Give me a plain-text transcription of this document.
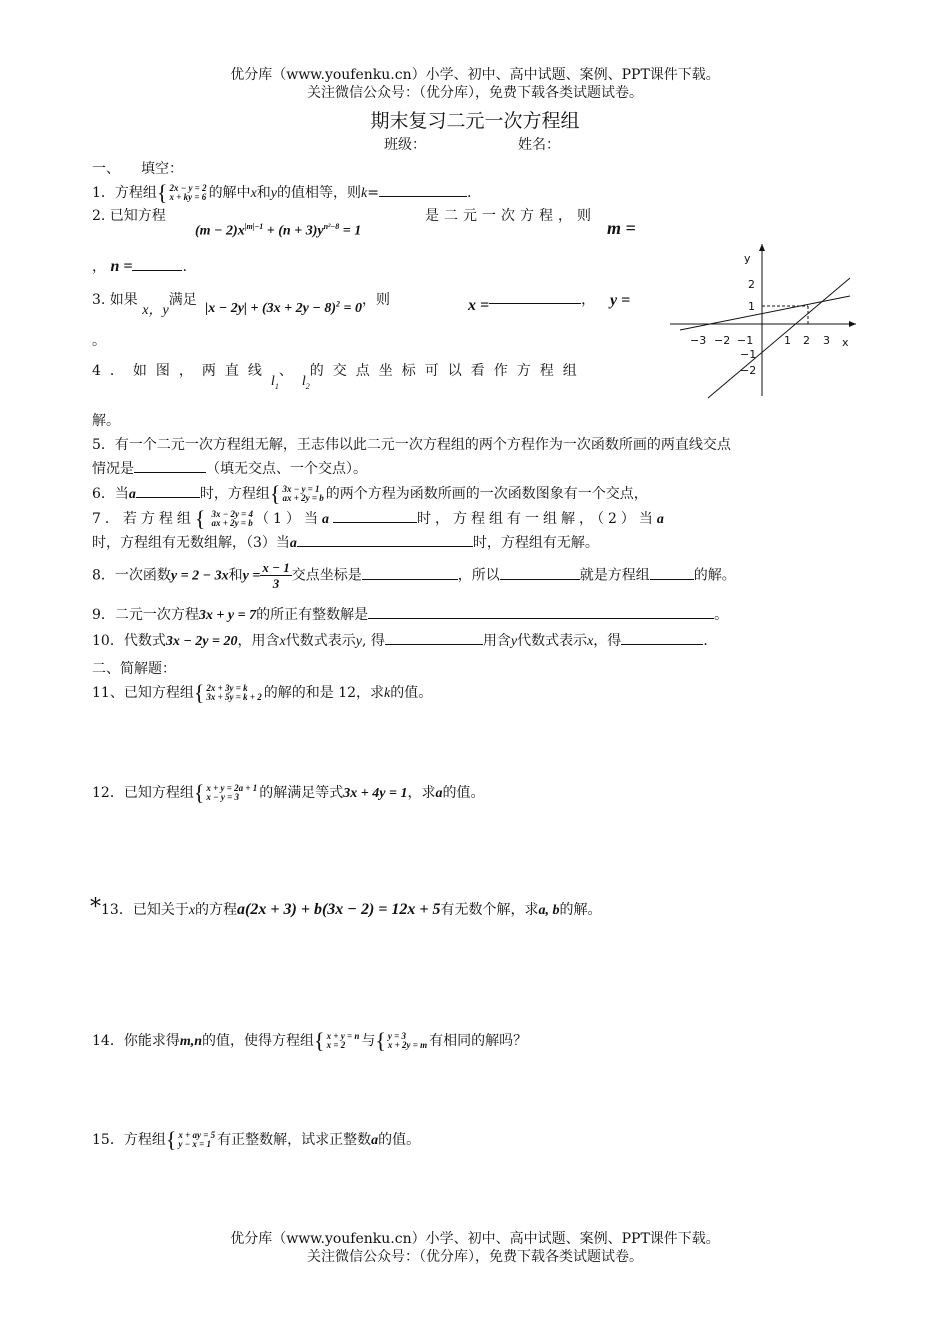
优分库（www.youfenku.cn）小学、初中、高中试题、案例、PPT课件下载。
关注微信公众号：（优分库），免费下载各类试题试卷。
期末复习二元一次方程组
班级：	姓名：
一、　　填空：
1．方程组{ 2x − y = 2
x + ky = 6 的解中x和y的值相等，则k=	.
2. 已知方程
$(m - 2)x^{|m|-1} + (n + 3)y^{n^2-8} = 1$
是二元一次方程，则
m =
， n =	.
3. 如果 x，y满足 $|x - 2y| + (3x + 2y - 8)^2 = 0$，则	x =	， y =
。
4．如图，两直线$l_1$、$l_2$的交点坐标可以看作方程组
解。
y
x
−3 −2 −1	1 2 3
2
1
−1
−2
5．有一个二元一次方程组无解，王志伟以此二元一次方程组的两个方程作为一次函数所画的两直线交点
情况是	（填无交点、一个交点）。
6．当a	时，方程组{ 3x − y = 1
ax + 2y = b 的两个方程为函数所画的一次函数图象有一个交点，
7．若方程组{ 3x − 2y = 4
ax + 2y = b （1）当a	时，方程组有一组解，（2）当a
时，方程组有无数组解，（3）当a	时，方程组有无解。
8．一次函数y = 2 − 3x和$y = \frac{x - 1}{3}$ 交点坐标是	，所以	就是方程组	的解。
9．二元一次方程3x + y = 7的所正有整数解是	。
10．代数式3x − 2y = 20，用含x代数式表示y, 得	用含y代数式表示x，得	.
二、简解题：
11、已知方程组{ 2x + 3y = k
3x + 5y = k + 2 的解的和是 12，求k的值。
12．已知方程组{ x + y = 2a + 1
x − y = 3 的解满足等式3x + 4y = 1，求a的值。
*13．已知关于x的方程a(2x + 3) + b(3x − 2) = 12x + 5有无数个解，求a, b的解。
14．你能求得m,n的值，使得方程组{ x + y = n
x = 2 与{ y = 3
x + 2y = m 有相同的解吗？
15．方程组{ x + ay = 5
y − x = 1 有正整数解，试求正整数a的值。
优分库（www.youfenku.cn）小学、初中、高中试题、案例、PPT课件下载。
关注微信公众号：（优分库），免费下载各类试题试卷。
